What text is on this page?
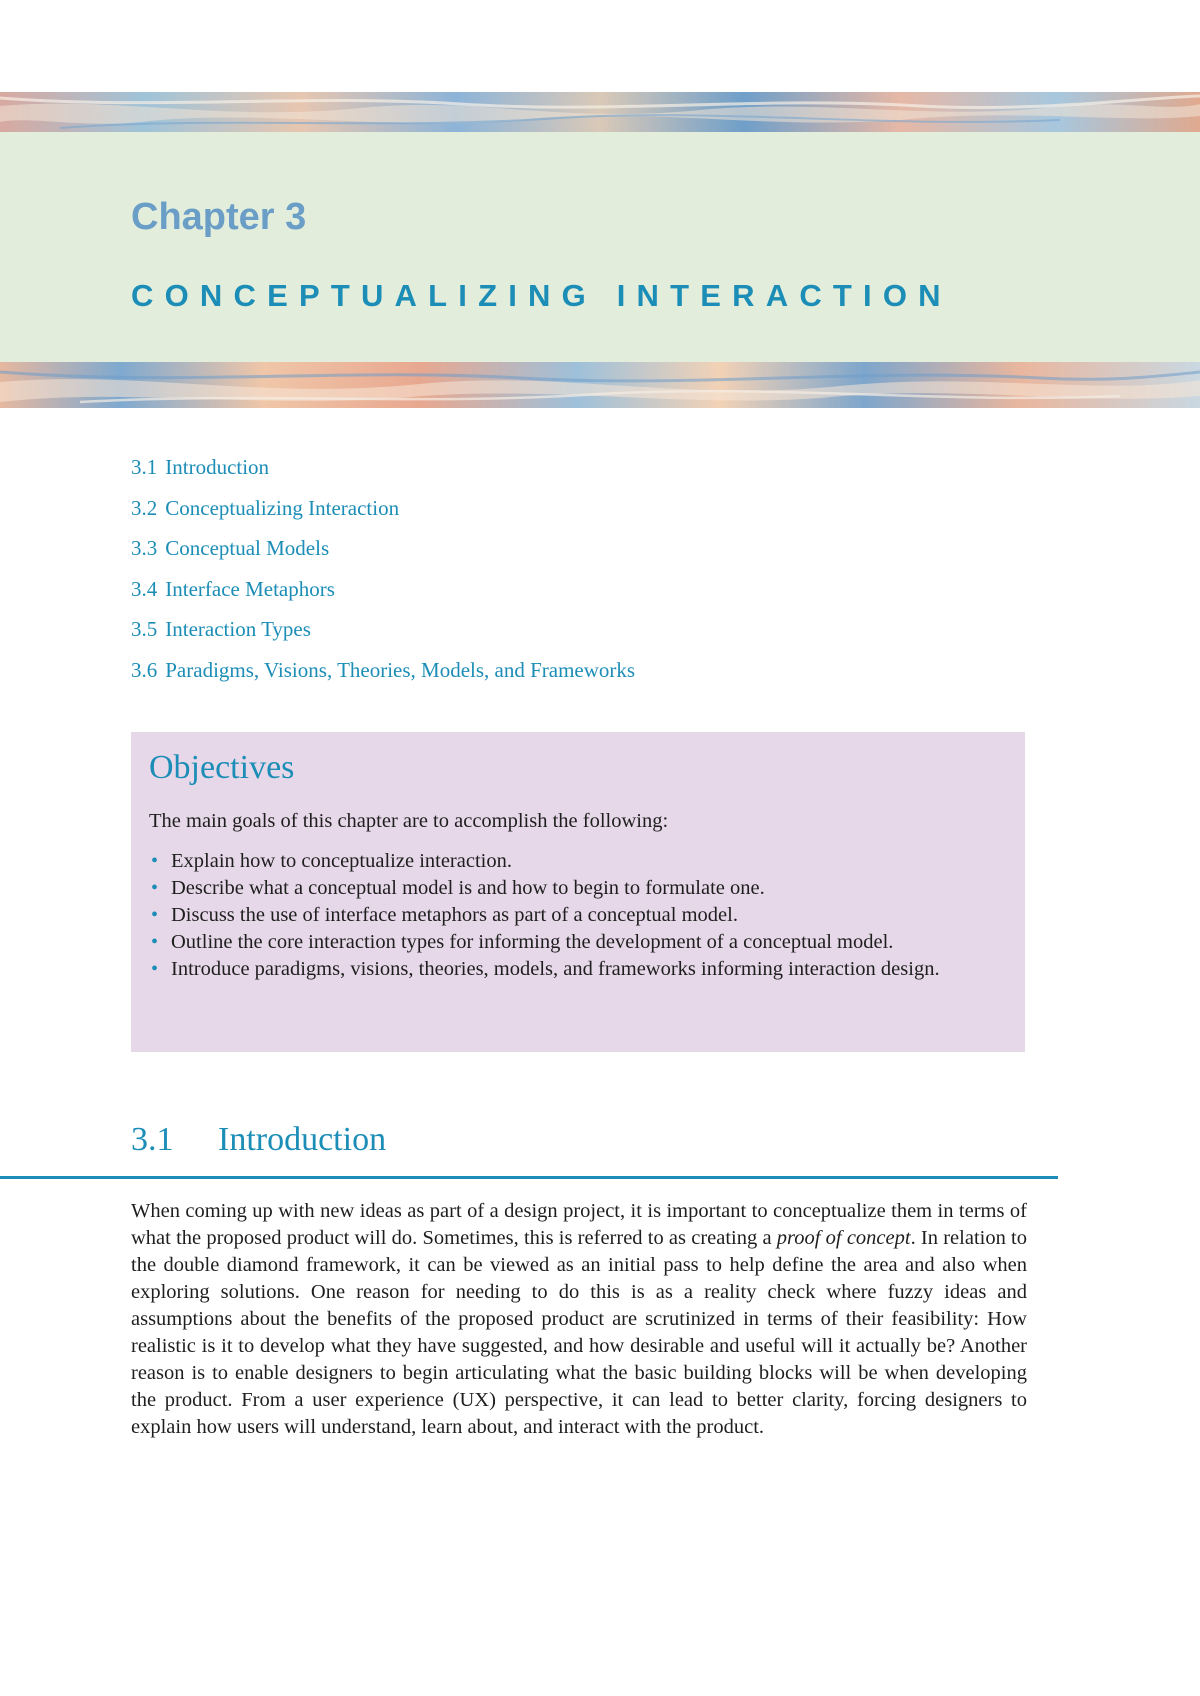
Chapter 3
CONCEPTUALIZING INTERACTION
3.1 Introduction
3.2 Conceptualizing Interaction
3.3 Conceptual Models
3.4 Interface Metaphors
3.5 Interaction Types
3.6 Paradigms, Visions, Theories, Models, and Frameworks
Objectives

The main goals of this chapter are to accomplish the following:

• Explain how to conceptualize interaction.
• Describe what a conceptual model is and how to begin to formulate one.
• Discuss the use of interface metaphors as part of a conceptual model.
• Outline the core interaction types for informing the development of a conceptual model.
• Introduce paradigms, visions, theories, models, and frameworks informing interaction design.
3.1 Introduction

When coming up with new ideas as part of a design project, it is important to conceptualize them in terms of what the proposed product will do. Sometimes, this is referred to as creating a proof of concept. In relation to the double diamond framework, it can be viewed as an initial pass to help define the area and also when exploring solutions. One reason for needing to do this is as a reality check where fuzzy ideas and assumptions about the benefits of the proposed product are scrutinized in terms of their feasibility: How realistic is it to develop what they have suggested, and how desirable and useful will it actually be? Another reason is to enable designers to begin articulating what the basic building blocks will be when developing the product. From a user experience (UX) perspective, it can lead to better clarity, forcing designers to explain how users will understand, learn about, and interact with the product.
